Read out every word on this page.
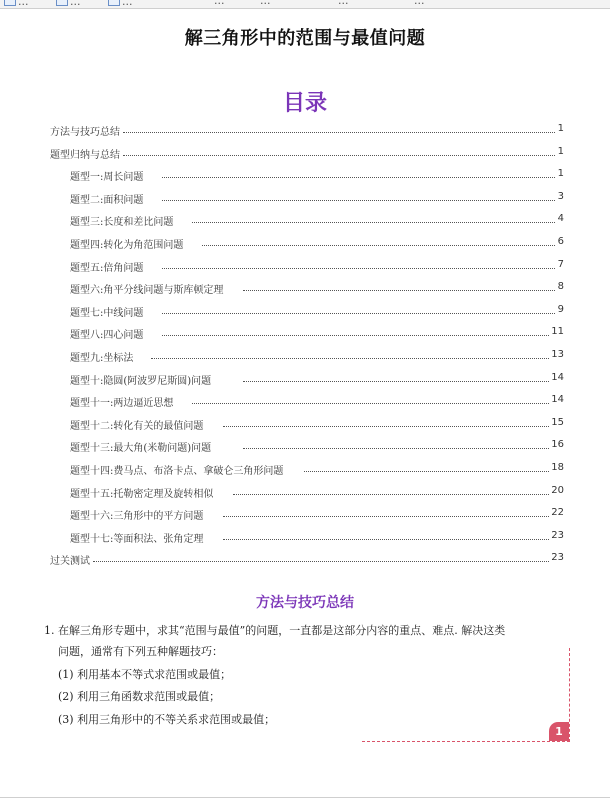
...	...	...	...	...	...	...
解三角形中的范围与最值问题
目录
方法与技巧总结	1
题型归纳与总结	1
题型一:周长问题	1
题型二:面积问题	3
题型三:长度和差比问题	4
题型四:转化为角范围问题	6
题型五:倍角问题	7
题型六:角平分线问题与斯库顿定理	8
题型七:中线问题	9
题型八:四心问题	11
题型九:坐标法	13
题型十:隐圆(阿波罗尼斯圆)问题	14
题型十一:两边逼近思想	14
题型十二:转化有关的最值问题	15
题型十三:最大角(米勒问题)问题	16
题型十四:费马点、布洛卡点、拿破仑三角形问题	18
题型十五:托勒密定理及旋转相似	20
题型十六:三角形中的平方问题	22
题型十七:等面积法、张角定理	23
过关测试	23
方法与技巧总结
1. 在解三角形专题中，求其“范围与最值”的问题，一直都是这部分内容的重点、难点. 解决这类
问题，通常有下列五种解题技巧：
(1) 利用基本不等式求范围或最值；
(2) 利用三角函数求范围或最值；
(3) 利用三角形中的不等关系求范围或最值；
1
